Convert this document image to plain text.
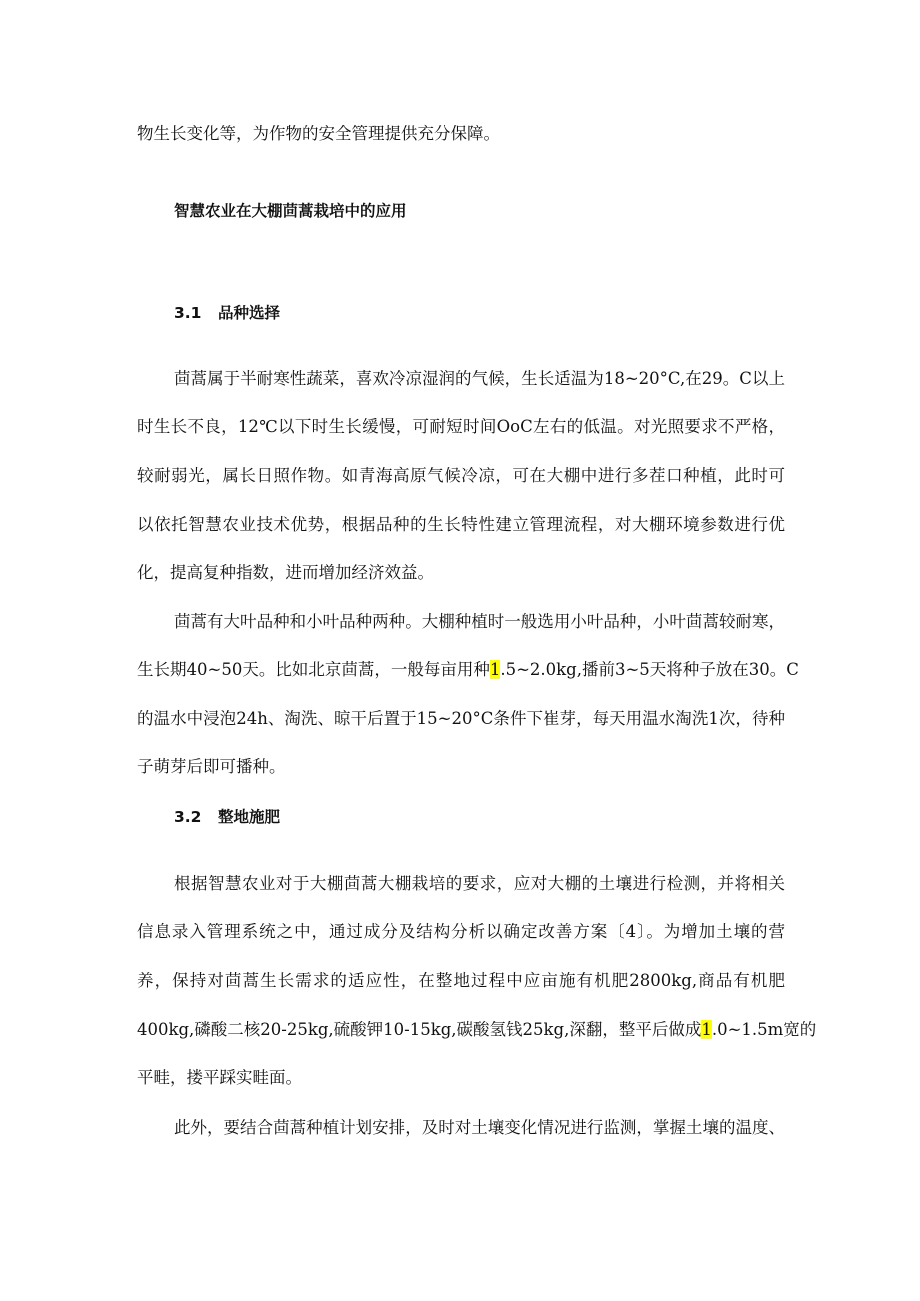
物生长变化等，为作物的安全管理提供充分保障。
智慧农业在大棚茴蒿栽培中的应用
3.1 品种选择
茴蒿属于半耐寒性蔬菜，喜欢冷凉湿润的气候，生长适温为18~20°C,在29。C以上
时生长不良，12℃以下时生长缓慢，可耐短时间OoC左右的低温。对光照要求不严格，
较耐弱光，属长日照作物。如青海高原气候冷凉，可在大棚中进行多茬口种植，此时可
以依托智慧农业技术优势，根据品种的生长特性建立管理流程，对大棚环境参数进行优
化，提高复种指数，进而增加经济效益。
茴蒿有大叶品种和小叶品种两种。大棚种植时一般选用小叶品种，小叶茴蒿较耐寒，
生长期40~50天。比如北京茴蒿，一般每亩用种1.5~2.0kg,播前3~5天将种子放在30。C
的温水中浸泡24h、淘洗、晾干后置于15~20°C条件下崔芽，每天用温水淘洗1次，待种
子萌芽后即可播种。
3.2 整地施肥
根据智慧农业对于大棚茴蒿大棚栽培的要求，应对大棚的土壤进行检测，并将相关
信息录入管理系统之中，通过成分及结构分析以确定改善方案〔4〕。为增加土壤的营
养，保持对茴蒿生长需求的适应性，在整地过程中应亩施有机肥2800kg,商品有机肥
400kg,磷酸二核20-25kg,硫酸钾10-15kg,碳酸氢钱25kg,深翻，整平后做成1.0~1.5m宽的
平畦，搂平踩实畦面。
此外，要结合茴蒿种植计划安排，及时对土壤变化情况进行监测，掌握土壤的温度、
